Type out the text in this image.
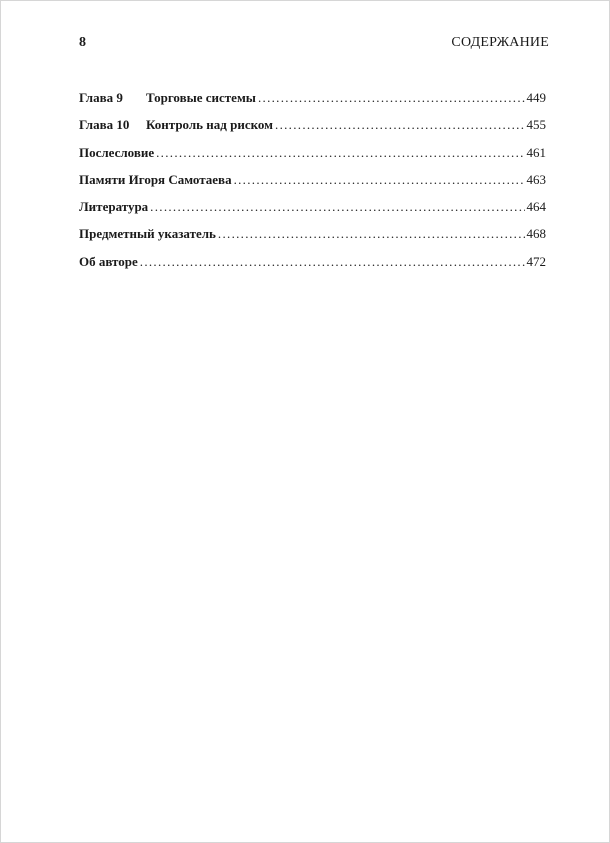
8	СОДЕРЖАНИЕ
Глава 9	Торговые системы .....	449
Глава 10	Контроль над риском .....	455
Послесловие .....	461
Памяти Игоря Самотаева .....	463
Литература .....	464
Предметный указатель .....	468
Об авторе .....	472
